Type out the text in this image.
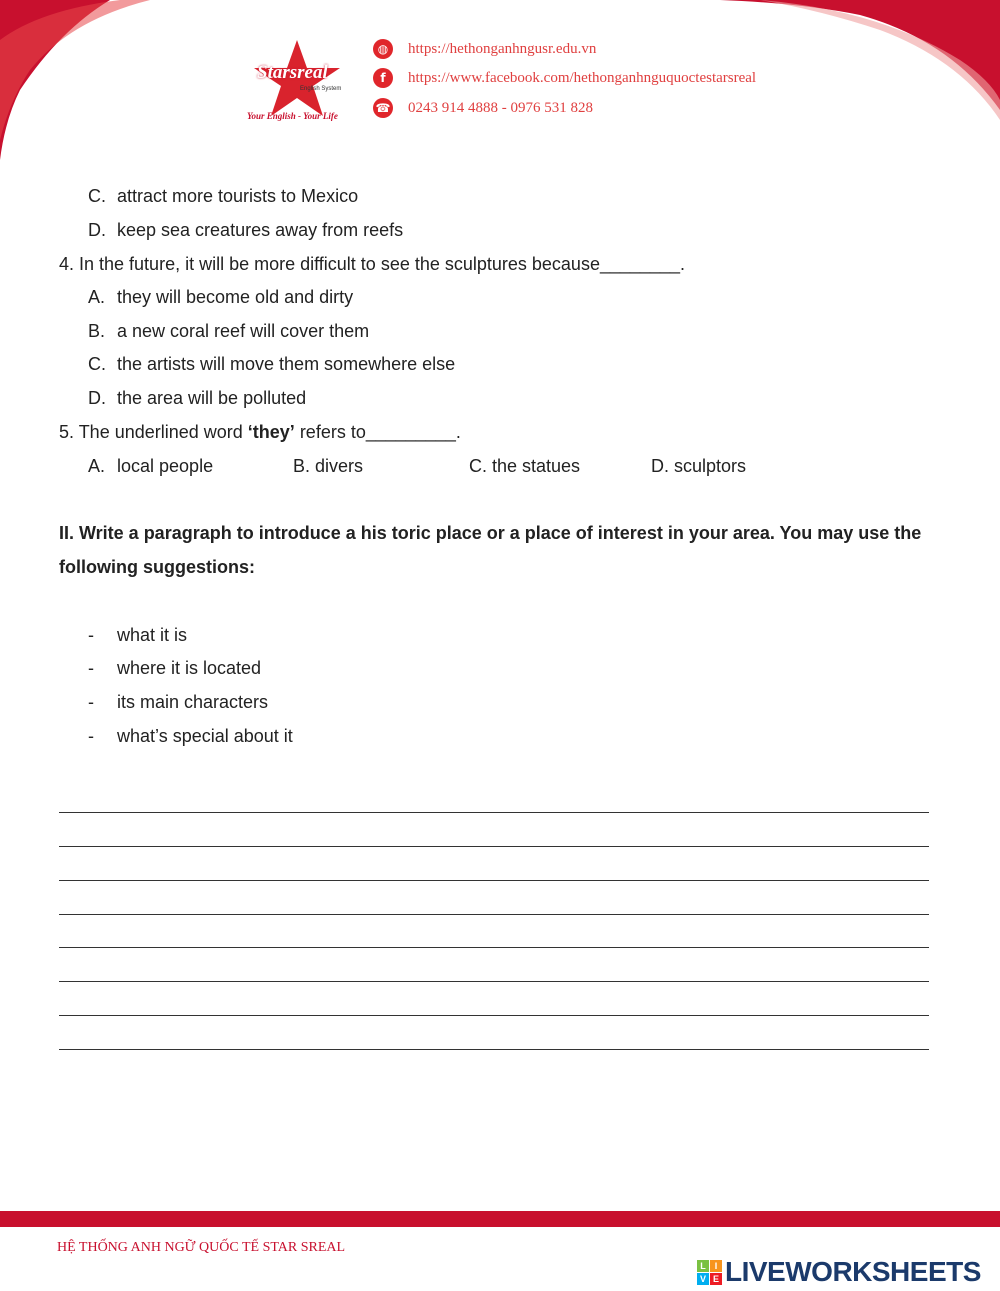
Starsreal
English System
Your English - Your Life
◍	https://hethonganhngusr.edu.vn
f	https://www.facebook.com/hethonganhnguquoctestarsreal
☎ 0243 914 4888 - 0976 531 828
C. attract more tourists to Mexico
D. keep sea creatures away from reefs
4. In the future, it will be more difficult to see the sculptures because________.
A. they will become old and dirty
B. a new coral reef will cover them
C. the artists will move them somewhere else
D. the area will be polluted
5. The underlined word ‘they’ refers to_________.
A. local people	B. divers	C. the statues	D. sculptors
II. Write a paragraph to introduce a his toric place or a place of interest in your area. You may use the following suggestions:
- what it is
- where it is located
- its main characters
- what’s special about it
HỆ THỐNG ANH NGỮ QUỐC TẾ STAR SREAL
L I
V E LIVEWORKSHEETS
